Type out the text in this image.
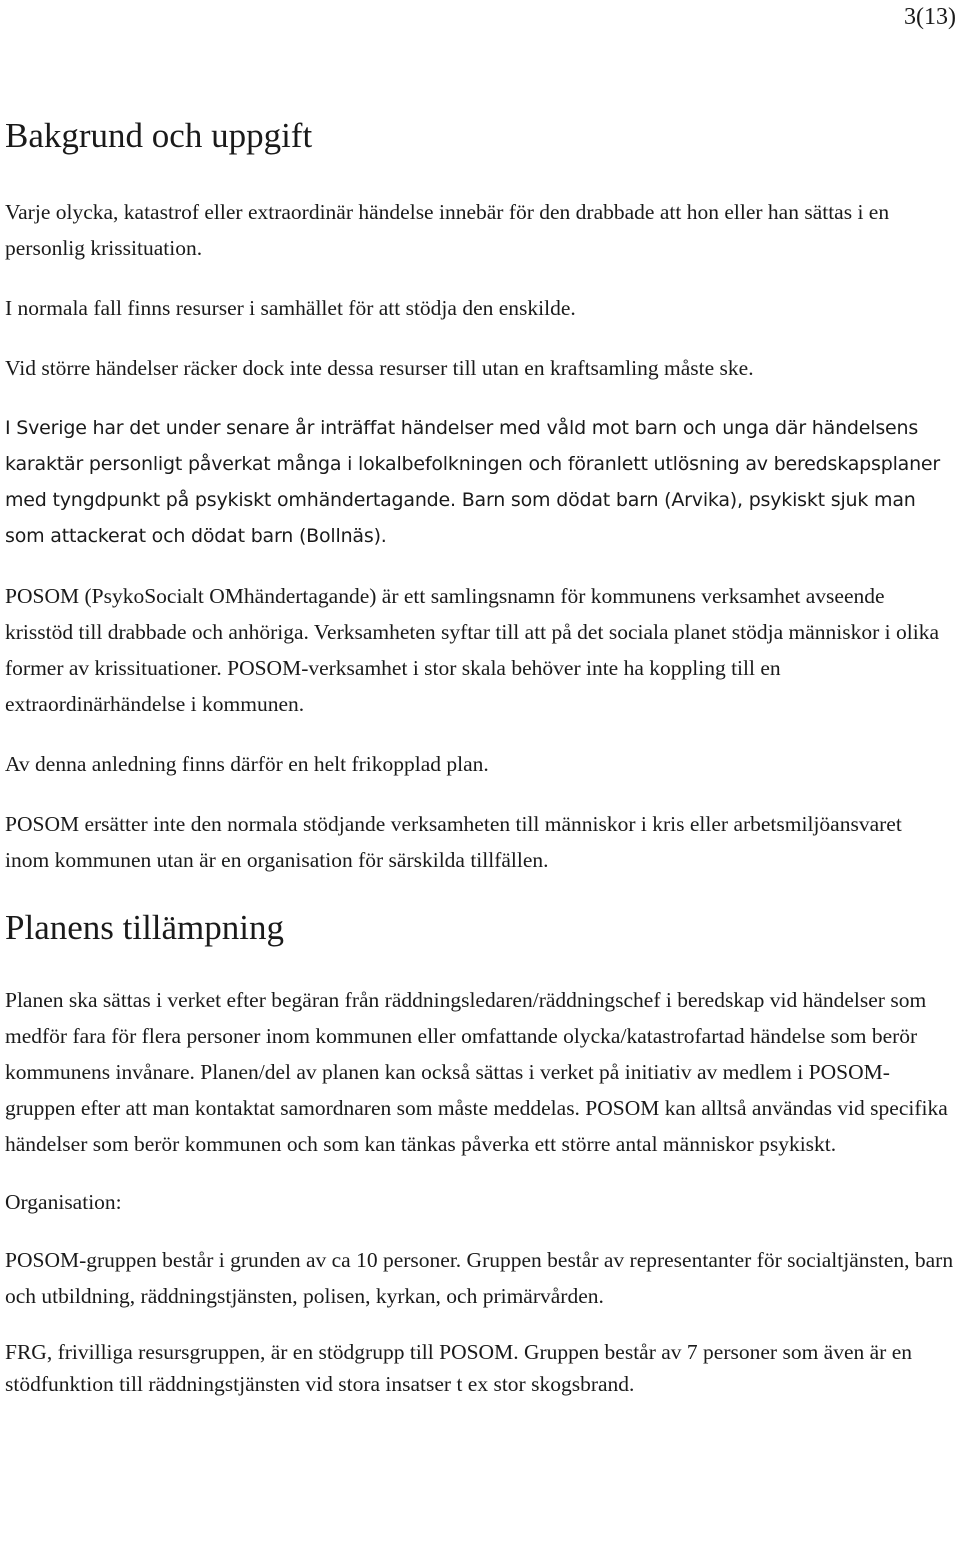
3(13)
Bakgrund och uppgift

Varje olycka, katastrof eller extraordinär händelse innebär för den drabbade att hon eller han sättas i en personlig krissituation.

I normala fall finns resurser i samhället för att stödja den enskilde.

Vid större händelser räcker dock inte dessa resurser till utan en kraftsamling måste ske.

I Sverige har det under senare år inträffat händelser med våld mot barn och unga där händelsens karaktär personligt påverkat många i lokalbefolkningen och föranlett utlösning av beredskapsplaner med tyngdpunkt på psykiskt omhändertagande. Barn som dödat barn (Arvika), psykiskt sjuk man som attackerat och dödat barn (Bollnäs).

POSOM (PsykoSocialt OMhändertagande) är ett samlingsnamn för kommunens verksamhet avseende krisstöd till drabbade och anhöriga. Verksamheten syftar till att på det sociala planet stödja människor i olika former av krissituationer. POSOM-verksamhet i stor skala behöver inte ha koppling till en extraordinärhändelse i kommunen.

Av denna anledning finns därför en helt frikopplad plan.

POSOM ersätter inte den normala stödjande verksamheten till människor i kris eller arbetsmiljöansvaret inom kommunen utan är en organisation för särskilda tillfällen.

Planens tillämpning

Planen ska sättas i verket efter begäran från räddningsledaren/räddningschef i beredskap vid händelser som medför fara för flera personer inom kommunen eller omfattande olycka/katastrofartad händelse som berör kommunens invånare. Planen/del av planen kan också sättas i verket på initiativ av medlem i POSOM-gruppen efter att man kontaktat samordnaren som måste meddelas. POSOM kan alltså användas vid specifika händelser som berör kommunen och som kan tänkas påverka ett större antal människor psykiskt.

Organisation:

POSOM-gruppen består i grunden av ca 10 personer. Gruppen består av representanter för socialtjänsten, barn och utbildning, räddningstjänsten, polisen, kyrkan, och primärvården.

FRG, frivilliga resursgruppen, är en stödgrupp till POSOM. Gruppen består av 7 personer som även är en stödfunktion till räddningstjänsten vid stora insatser t ex stor skogsbrand.
